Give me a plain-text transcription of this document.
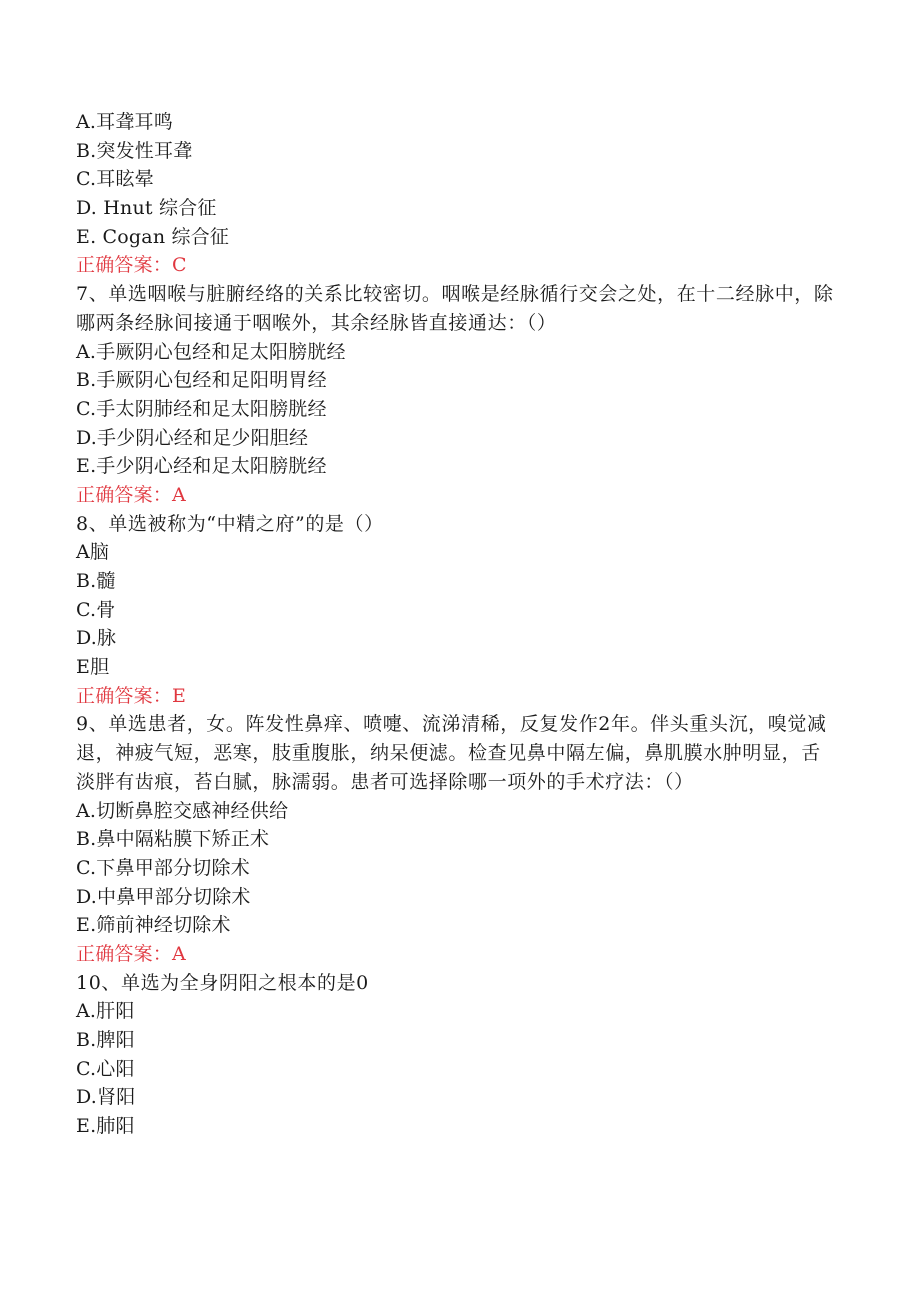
A.耳聋耳鸣
B.突发性耳聋
C.耳眩晕
D. Hnut 综合征
E. Cogan 综合征
正确答案：C
7、单选咽喉与脏腑经络的关系比较密切。咽喉是经脉循行交会之处，在十二经脉中，除哪两条经脉间接通于咽喉外，其余经脉皆直接通达：（）
A.手厥阴心包经和足太阳膀胱经
B.手厥阴心包经和足阳明胃经
C.手太阴肺经和足太阳膀胱经
D.手少阴心经和足少阳胆经
E.手少阴心经和足太阳膀胱经
正确答案：A
8、单选被称为“中精之府”的是（）
A脑
B.髓
C.骨
D.脉
E胆
正确答案：E
9、单选患者，女。阵发性鼻痒、喷嚏、流涕清稀，反复发作2年。伴头重头沉，嗅觉减退，神疲气短，恶寒，肢重腹胀，纳呆便滤。检查见鼻中隔左偏，鼻肌膜水肿明显，舌淡胖有齿痕，苔白腻，脉濡弱。患者可选择除哪一项外的手术疗法：（）
A.切断鼻腔交感神经供给
B.鼻中隔粘膜下矫正术
C.下鼻甲部分切除术
D.中鼻甲部分切除术
E.筛前神经切除术
正确答案：A
10、单选为全身阴阳之根本的是0
A.肝阳
B.脾阳
C.心阳
D.肾阳
E.肺阳
